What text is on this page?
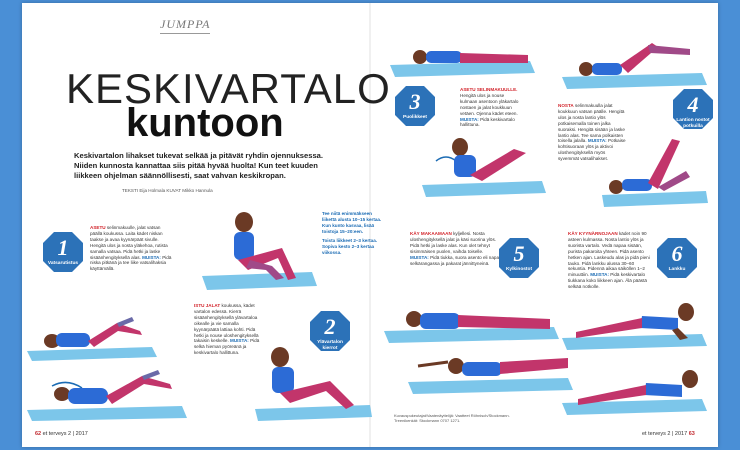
JUMPPA
KESKIVARTALO
kuntoon
Keskivartalon lihakset tukevat selkää ja pitävät ryhdin ojennuksessa. Niiden kunnosta kannattaa siis pitää hyvää huolta! Kun teet kuuden liikkeen ohjelman säännöllisesti, saat vahvan keskikropan.
TEKSTI Eija Holmala KUVAT Mikko Hannula
1
Vatsarutistus
ASETU selinmakuulle, jalat vatsan päällä koukussa. Laita kädet niskan taakse ja avaa kyynärpäät sivulle. Hengitä ulos ja nosta yläkehoa, rutista samalla vatsaa. Pidä hetki ja laske sisäänhengityksellä alas. MUISTA: Pidä niska pitkänä ja tee liike vatsalihaksia käyttämällä.
Tee niitä enimmäkseen liikettä alusta 10–15 kertaa. Kun kunto kasvaa, lisää toistoja 15–20:een.
Toista liikkeet 2–3 kertaa. Sopiva kesto 2–3 kertaa viikossa.
ISTU JALAT koukussa, kädet vartalon edessä. Kierrä sisäänhengityksellä ylävartaloa oikealle ja vie samalla kyynärpäätä lattiaa kohti. Pidä hetki ja nouse uloshengityksellä takaisin keskelle. MUISTA: Pidä selkä hieman pyöreänä ja keskivartalo hallittuna.
2
Ylävartalon kierrot
62 et terveys 2 | 2017
3
Puolikkeet
ASETU SELINMAKUULLE. Hengitä ulos ja nouse kulmaan asentoon yläkartalo nostaen ja jalat koukkuun vetäen. Ojenna kädet eteen. MUISTA: Pidä keskivartalo hallittuna.
NOSTA selinmakuulla jalat koukkuun vatsan päälle. Hengitä ulos ja nosta lantio ylös potkaisemalla toinen jalka suoraksi. Hengitä sisään ja laske lantio alas. Tee sama polkaisten toisella jalalla. MUISTA: Potkaise kohtisuoraan ylös ja aktivoi uloshengityksellä myös syvemmät vatsalihakset.
4
Lantion nostot potkuilla
KÄY MAKAAMAAN kyljellesi. Nosta uloshengityksellä jalat ja käsi suorina ylös. Pidä hetki ja laske alas. Kun olet tehnyt sisimmäisen puolen, vaihda toiselle. MUISTA: Pidä tiukka, suora asento eli napa selkärangassa ja pakarat jännittyneinä.	5
Kylkinostot
Kuvauspukeutajat/Vaatenäyttelijä: Vaatteet Röhnisch/Stockmann. Treenikenkät: Stockmann 0707 1271.
KÄY KYYNÄRNOJAAN kädet noin 90 asteen kulmassa. Nosta lantio ylös ja suorista vartalo. Vedä napaa sisään, purista pakaroita yhteen. Pidä asento hetken ajan. Laskeudu alas ja pidä pieni tauko. Pidä lankku alussa 30–60 sekuntia. Pidennä aikaa säiköllen 1–2 minuuttiin. MUISTA: Pidä keskivartalo tiukkana koko liikkeen ajan. Älä päästä selkää notkolle.
6
Lankku
et terveys 2 | 2017 63
